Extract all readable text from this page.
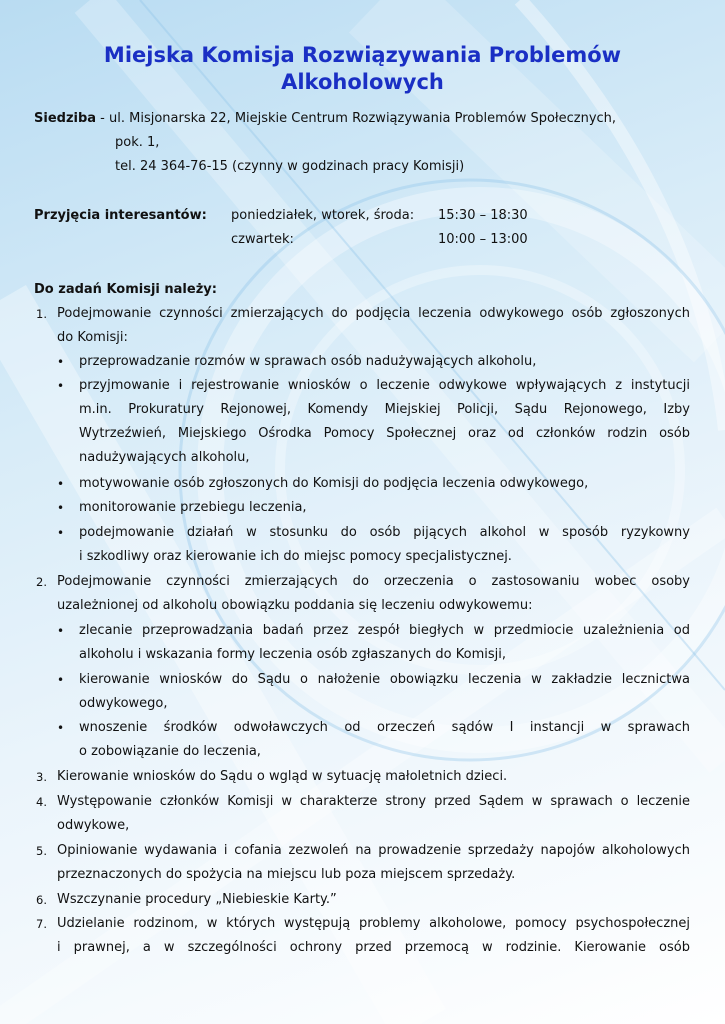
Miejska Komisja Rozwiązywania Problemów Alkoholowych
Siedziba - ul. Misjonarska 22, Miejskie Centrum Rozwiązywania Problemów Społecznych,
pok. 1,
tel. 24 364-76-15 (czynny w godzinach pracy Komisji)
Przyjęcia interesantów: poniedziałek, wtorek, środa: 15:30 – 18:30
czwartek:	10:00 – 13:00
Do zadań Komisji należy:
1. Podejmowanie czynności zmierzających do podjęcia leczenia odwykowego osób zgłoszonych
do Komisji:
• przeprowadzanie rozmów w sprawach osób nadużywających alkoholu,
• przyjmowanie i rejestrowanie wniosków o leczenie odwykowe wpływających z instytucji
m.in. Prokuratury Rejonowej, Komendy Miejskiej Policji, Sądu Rejonowego, Izby
Wytrzeźwień, Miejskiego Ośrodka Pomocy Społecznej oraz od członków rodzin osób
nadużywających alkoholu,
• motywowanie osób zgłoszonych do Komisji do podjęcia leczenia odwykowego,
• monitorowanie przebiegu leczenia,
• podejmowanie działań w stosunku do osób pijących alkohol w sposób ryzykowny
i szkodliwy oraz kierowanie ich do miejsc pomocy specjalistycznej.
2. Podejmowanie czynności zmierzających do orzeczenia o zastosowaniu wobec osoby
uzależnionej od alkoholu obowiązku poddania się leczeniu odwykowemu:
• zlecanie przeprowadzania badań przez zespół biegłych w przedmiocie uzależnienia od
alkoholu i wskazania formy leczenia osób zgłaszanych do Komisji,
• kierowanie wniosków do Sądu o nałożenie obowiązku leczenia w zakładzie lecznictwa
odwykowego,
• wnoszenie środków odwoławczych od orzeczeń sądów I instancji w sprawach
o zobowiązanie do leczenia,
3. Kierowanie wniosków do Sądu o wgląd w sytuację małoletnich dzieci.
4. Występowanie członków Komisji w charakterze strony przed Sądem w sprawach o leczenie
odwykowe,
5. Opiniowanie wydawania i cofania zezwoleń na prowadzenie sprzedaży napojów alkoholowych
przeznaczonych do spożycia na miejscu lub poza miejscem sprzedaży.
6. Wszczynanie procedury „Niebieskie Karty.”
7. Udzielanie rodzinom, w których występują problemy alkoholowe, pomocy psychospołecznej
i prawnej, a w szczególności ochrony przed przemocą w rodzinie. Kierowanie osób
